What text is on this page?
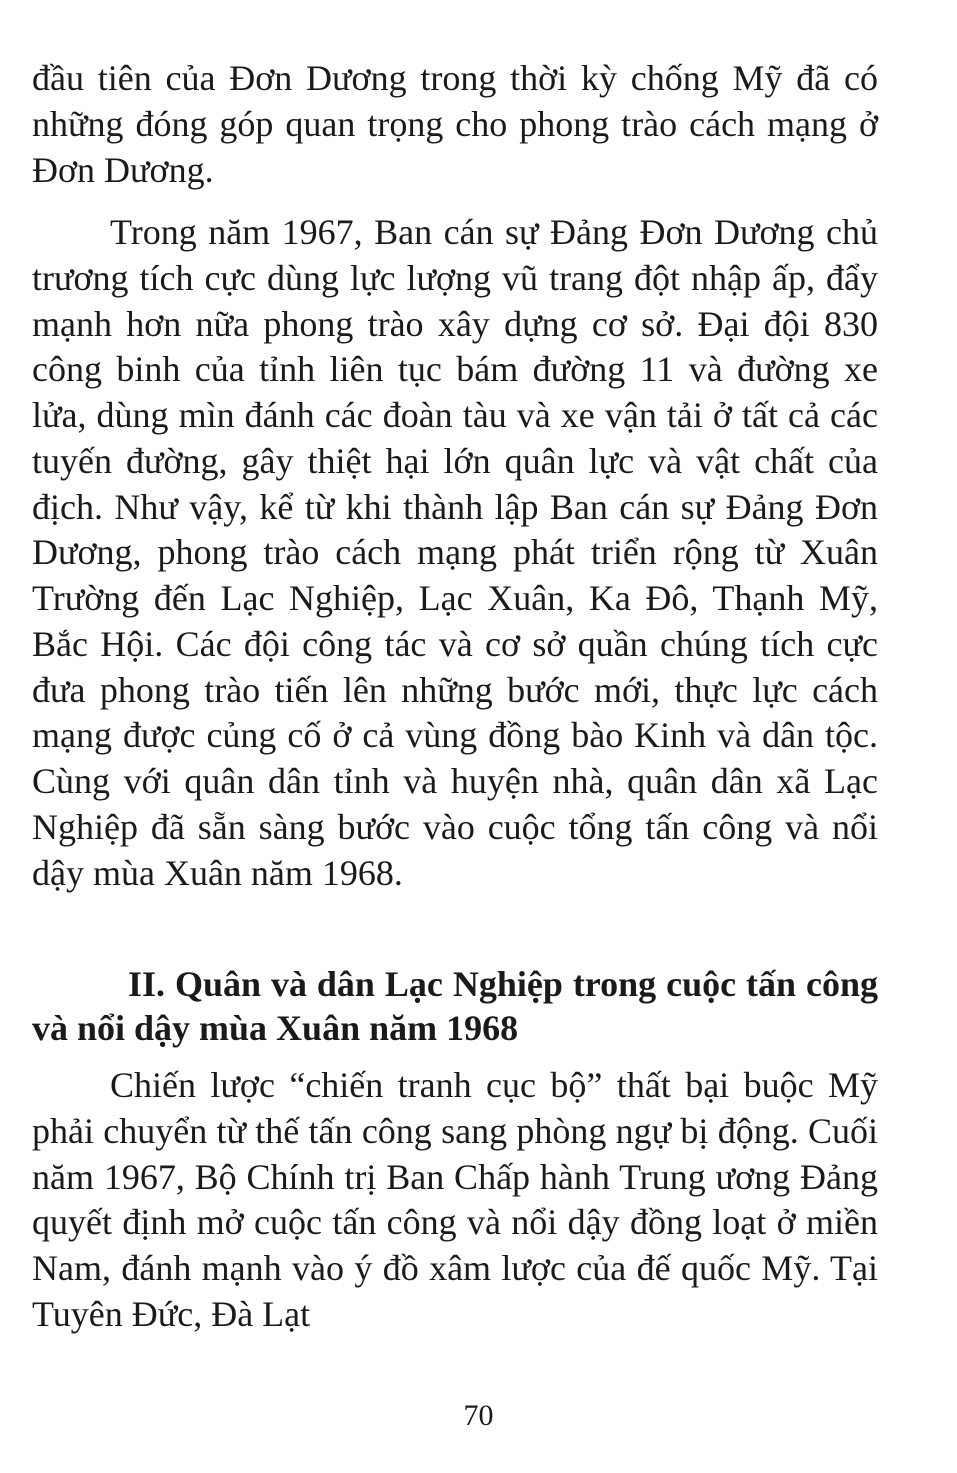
đầu tiên của Đơn Dương trong thời kỳ chống Mỹ đã có những đóng góp quan trọng cho phong trào cách mạng ở Đơn Dương.

Trong năm 1967, Ban cán sự Đảng Đơn Dương chủ trương tích cực dùng lực lượng vũ trang đột nhập ấp, đẩy mạnh hơn nữa phong trào xây dựng cơ sở. Đại đội 830 công binh của tỉnh liên tục bám đường 11 và đường xe lửa, dùng mìn đánh các đoàn tàu và xe vận tải ở tất cả các tuyến đường, gây thiệt hại lớn quân lực và vật chất của địch. Như vậy, kể từ khi thành lập Ban cán sự Đảng Đơn Dương, phong trào cách mạng phát triển rộng từ Xuân Trường đến Lạc Nghiệp, Lạc Xuân, Ka Đô, Thạnh Mỹ, Bắc Hội. Các đội công tác và cơ sở quần chúng tích cực đưa phong trào tiến lên những bước mới, thực lực cách mạng được củng cố ở cả vùng đồng bào Kinh và dân tộc. Cùng với quân dân tỉnh và huyện nhà, quân dân xã Lạc Nghiệp đã sẵn sàng bước vào cuộc tổng tấn công và nổi dậy mùa Xuân năm 1968.

II. Quân và dân Lạc Nghiệp trong cuộc tấn công và nổi dậy mùa Xuân năm 1968

Chiến lược “chiến tranh cục bộ” thất bại buộc Mỹ phải chuyển từ thế tấn công sang phòng ngự bị động. Cuối năm 1967, Bộ Chính trị Ban Chấp hành Trung ương Đảng quyết định mở cuộc tấn công và nổi dậy đồng loạt ở miền Nam, đánh mạnh vào ý đồ xâm lược của đế quốc Mỹ. Tại Tuyên Đức, Đà Lạt

70
